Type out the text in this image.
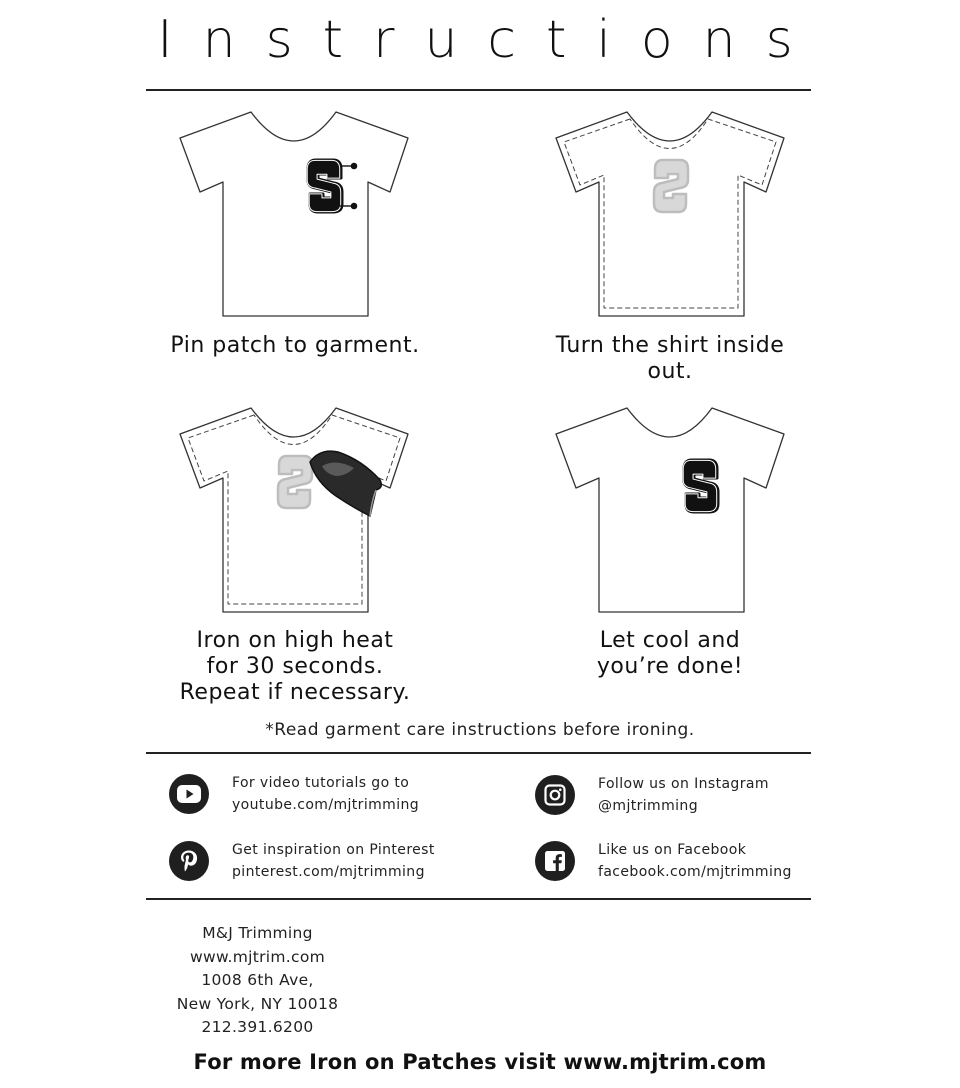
Instructions
Pin patch to garment.	Turn the shirt inside
out.
Iron on high heat
for 30 seconds.
Repeat if necessary.
Let cool and
you’re done!
*Read garment care instructions before ironing.
For video tutorials go to
youtube.com/mjtrimming
Follow us on Instagram
@mjtrimming
Get inspiration on Pinterest
pinterest.com/mjtrimming
Like us on Facebook
facebook.com/mjtrimming
M&J Trimming
www.mjtrim.com
1008 6th Ave,
New York, NY 10018
212.391.6200
For more Iron on Patches visit www.mjtrim.com
